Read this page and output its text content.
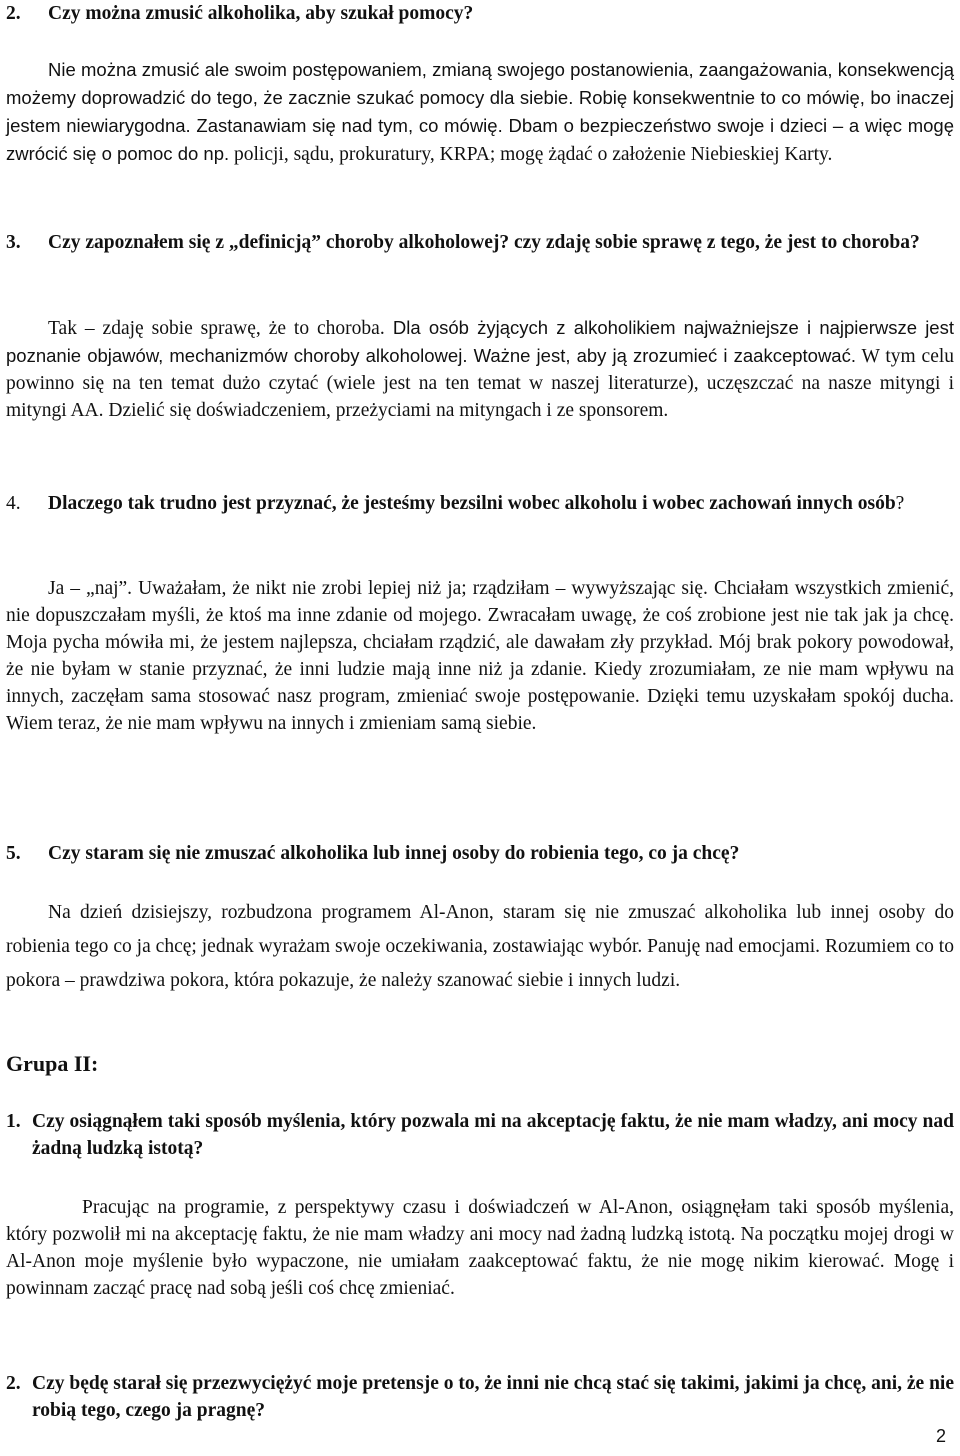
2.	Czy można zmusić alkoholika, aby szukał pomocy?

Nie można zmusić ale swoim postępowaniem, zmianą swojego postanowienia, zaangażowania, konsekwencją możemy doprowadzić do tego, że zacznie szukać pomocy dla siebie. Robię konsekwentnie to co mówię, bo inaczej jestem niewiarygodna. Zastanawiam się nad tym, co mówię. Dbam o bezpieczeństwo swoje i dzieci – a więc mogę zwrócić się o pomoc do np. policji, sądu, prokuratury, KRPA; mogę żądać o założenie Niebieskiej Karty.

3.	Czy zapoznałem się z „definicją” choroby alkoholowej? czy zdaję sobie sprawę z tego, że jest to choroba?

Tak – zdaję sobie sprawę, że to choroba. Dla osób żyjących z alkoholikiem najważniejsze i najpierwsze jest poznanie objawów, mechanizmów choroby alkoholowej. Ważne jest, aby ją zrozumieć i zaakceptować. W tym celu powinno się na ten temat dużo czytać (wiele jest na ten temat w naszej literaturze), uczęszczać na nasze mityngi i mityngi AA. Dzielić się doświadczeniem, przeżyciami na mityngach i ze sponsorem.

4.	Dlaczego tak trudno jest przyznać, że jesteśmy bezsilni wobec alkoholu i wobec zachowań innych osób?

Ja – „naj”. Uważałam, że nikt nie zrobi lepiej niż ja; rządziłam – wywyższając się. Chciałam wszystkich zmienić, nie dopuszczałam myśli, że ktoś ma inne zdanie od mojego. Zwracałam uwagę, że coś zrobione jest nie tak jak ja chcę. Moja pycha mówiła mi, że jestem najlepsza, chciałam rządzić, ale dawałam zły przykład. Mój brak pokory powodował, że nie byłam w stanie przyznać, że inni ludzie mają inne niż ja zdanie. Kiedy zrozumiałam, ze nie mam wpływu na innych, zaczęłam sama stosować nasz program, zmieniać swoje postępowanie. Dzięki temu uzyskałam spokój ducha. Wiem teraz, że nie mam wpływu na innych i zmieniam samą siebie.

5.	Czy staram się nie zmuszać alkoholika lub innej osoby do robienia tego, co ja chcę?

Na dzień dzisiejszy, rozbudzona programem Al-Anon, staram się nie zmuszać alkoholika lub innej osoby do robienia tego co ja chcę; jednak wyrażam swoje oczekiwania, zostawiając wybór. Panuję nad emocjami. Rozumiem co to pokora – prawdziwa pokora, która pokazuje, że należy szanować siebie i innych ludzi.

Grupa II:

1. Czy osiągnąłem taki sposób myślenia, który pozwala mi na akceptację faktu, że nie mam władzy, ani mocy nad żadną ludzką istotą?

Pracując na programie, z perspektywy czasu i doświadczeń w Al-Anon, osiągnęłam taki sposób myślenia, który pozwolił mi na akceptację faktu, że nie mam władzy ani mocy nad żadną ludzką istotą. Na początku mojej drogi w Al-Anon moje myślenie było wypaczone, nie umiałam zaakceptować faktu, że nie mogę nikim kierować. Mogę i powinnam zacząć pracę nad sobą jeśli coś chcę zmieniać.

2. Czy będę starał się przezwyciężyć moje pretensje o to, że inni nie chcą stać się takimi, jakimi ja chcę, ani, że nie robią tego, czego ja pragnę?
2
